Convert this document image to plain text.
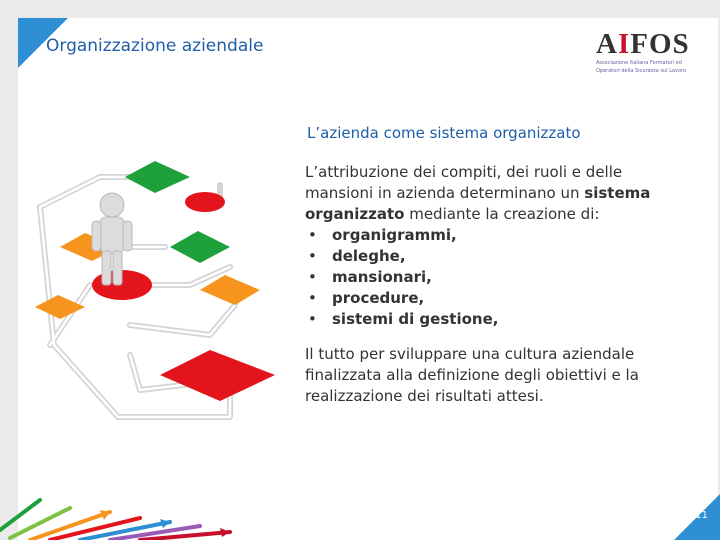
Organizzazione aziendale	AIFOS
Associazione Italiana Formatori ed
Operatori della Sicurezza sul Lavoro
L’azienda come sistema organizzato

L’attribuzione dei compiti, dei ruoli e delle mansioni in azienda determinano un sistema organizzato mediante la creazione di:

• organigrammi,
• deleghe,
• mansionari,
• procedure,
• sistemi di gestione,

Il tutto per sviluppare una cultura aziendale finalizzata alla definizione degli obiettivi e la realizzazione dei risultati attesi.

11
